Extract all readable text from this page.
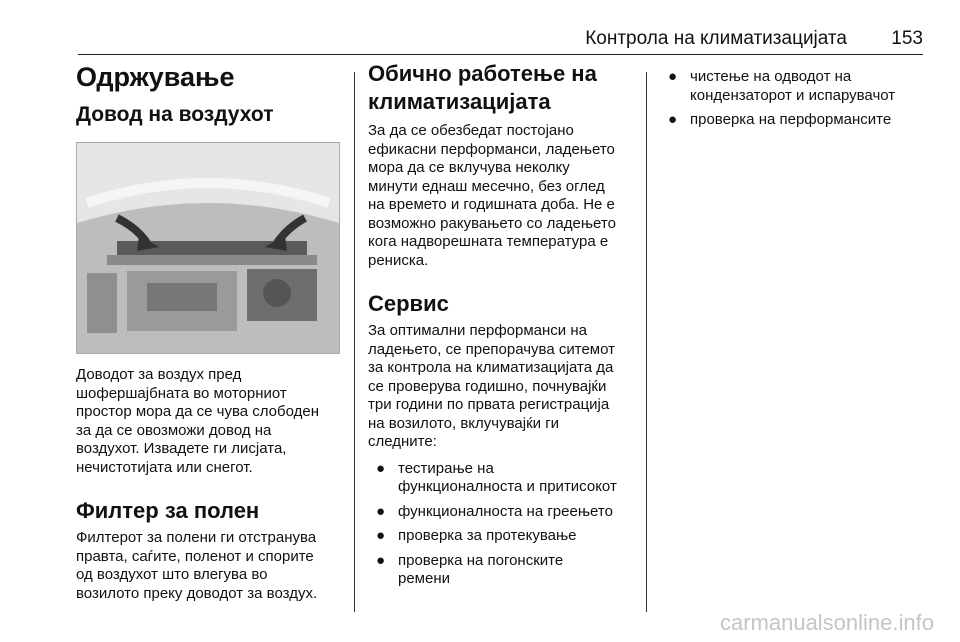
Контрола на климатизацијата 153
Одржување
Довод на воздухот

Доводот за воздух пред
шофершајбната во моторниот
простор мора да се чува слободен
за да се овозможи довод на
воздухот. Извадете ги лисјата,
нечистотијата или снегот.

Филтер за полен

Филтерот за полени ги отстранува
правта, саѓите, поленот и спорите
од воздухот што влегува во
возилото преку доводот за воздух.

Обично работење на
климатизацијата

За да се обезбедат постојано
ефикасни перформанси, ладењето
мора да се вклучува неколку
минути еднаш месечно, без оглед
на времето и годишната доба. Не е
возможно ракувањето со ладењето
кога надворешната температура е
рениска.

Сервис

За оптимални перформанси на
ладењето, се препорачува ситемот
за контрола на климатизацијата да
се проверува годишно, почнувајќи
три години по првата регистрација
на возилото, вклучувајќи ги
следните:

● тестирање на
функционалноста и притисокот
● функционалноста на греењето
● проверка за протекување
● проверка на погонските
ремени
● чистење на одводот на
кондензаторот и испарувачот
● проверка на перформансите
carmanualsonline.info
